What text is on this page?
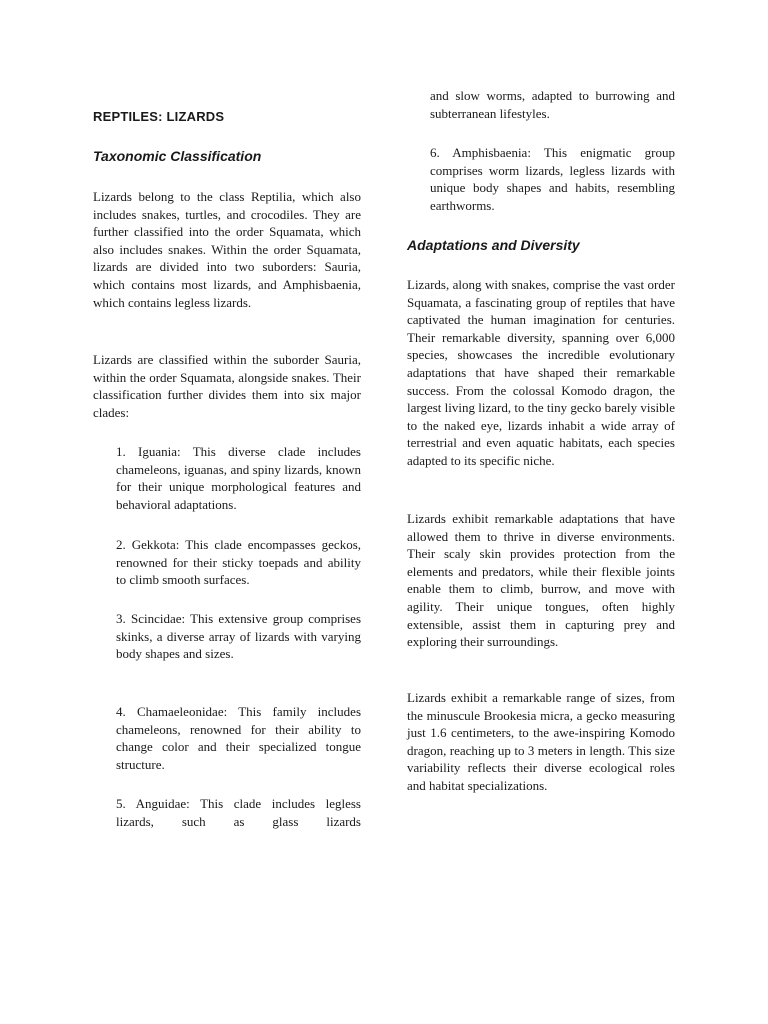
REPTILES: LIZARDS
Taxonomic Classification

Lizards belong to the class Reptilia, which also includes snakes, turtles, and crocodiles. They are further classified into the order Squamata, which also includes snakes. Within the order Squamata, lizards are divided into two suborders: Sauria, which contains most lizards, and Amphisbaenia, which contains legless lizards.

Lizards are classified within the suborder Sauria, within the order Squamata, alongside snakes. Their classification further divides them into six major clades:

1. Iguania: This diverse clade includes chameleons, iguanas, and spiny lizards, known for their unique morphological features and behavioral adaptations.

2. Gekkota: This clade encompasses geckos, renowned for their sticky toepads and ability to climb smooth surfaces.

3. Scincidae: This extensive group comprises skinks, a diverse array of lizards with varying body shapes and sizes.

4. Chamaeleonidae: This family includes chameleons, renowned for their ability to change color and their specialized tongue structure.

5. Anguidae: This clade includes legless lizards, such as glass lizards

and slow worms, adapted to burrowing and subterranean lifestyles.

6. Amphisbaenia: This enigmatic group comprises worm lizards, legless lizards with unique body shapes and habits, resembling earthworms.

Adaptations and Diversity

Lizards, along with snakes, comprise the vast order Squamata, a fascinating group of reptiles that have captivated the human imagination for centuries. Their remarkable diversity, spanning over 6,000 species, showcases the incredible evolutionary adaptations that have shaped their remarkable success. From the colossal Komodo dragon, the largest living lizard, to the tiny gecko barely visible to the naked eye, lizards inhabit a wide array of terrestrial and even aquatic habitats, each species adapted to its specific niche.

Lizards exhibit remarkable adaptations that have allowed them to thrive in diverse environments. Their scaly skin provides protection from the elements and predators, while their flexible joints enable them to climb, burrow, and move with agility. Their unique tongues, often highly extensible, assist them in capturing prey and exploring their surroundings.

Lizards exhibit a remarkable range of sizes, from the minuscule Brookesia micra, a gecko measuring just 1.6 centimeters, to the awe-inspiring Komodo dragon, reaching up to 3 meters in length. This size variability reflects their diverse ecological roles and habitat specializations.
